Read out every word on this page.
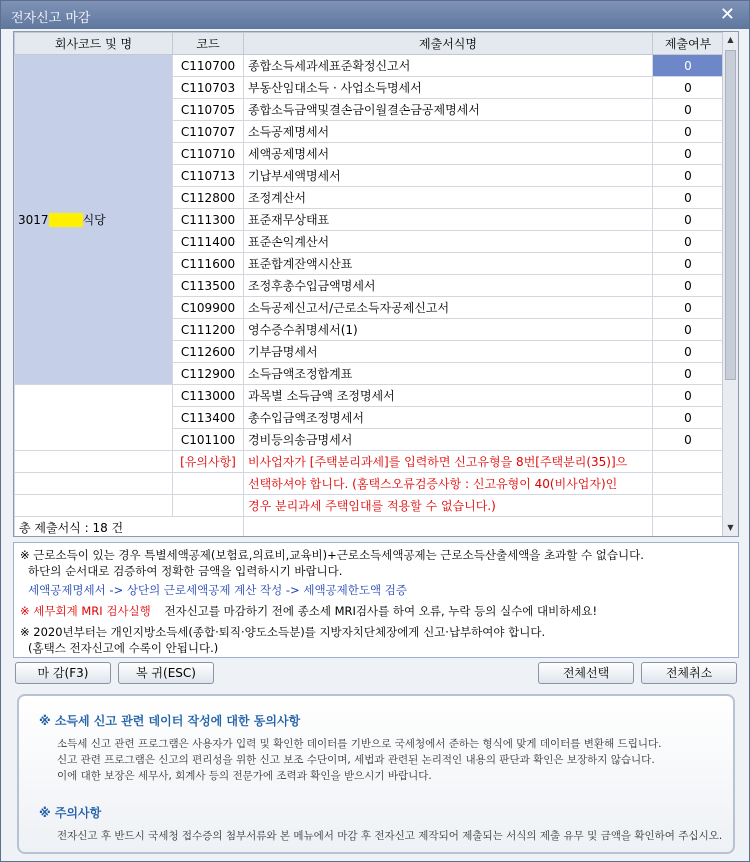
전자신고 마감	✕
회사코드 및 명	코드	제출서식명	제출여부
3017■■■식당	C110700	종합소득세과세표준확정신고서	0
	C110703	부동산임대소득 · 사업소득명세서	0
	C110705	종합소득금액및결손금이월결손금공제명세서	0
	C110707	소득공제명세서	0
	C110710	세액공제명세서	0
	C110713	기납부세액명세서	0
	C112800	조정계산서	0
	C111300	표준재무상태표	0
	C111400	표준손익계산서	0
	C111600	표준합계잔액시산표	0
	C113500	조정후총수입금액명세서	0
	C109900	소득공제신고서/근로소득자공제신고서	0
	C111200	영수증수취명세서(1)	0
	C112600	기부금명세서	0
	C112900	소득금액조정합계표	0
	C113000	과목별 소득금액 조정명세서	0
	C113400	총수입금액조정명세서	0
	C101100	경비등의송금명세서	0
	[유의사항]	비사업자가 [주택분리과세]를 입력하면 신고유형을 8번[주택분리(35)]으	
		선택하셔야 합니다. (홈택스오류검증사항 : 신고유형이 40(비사업자)인	
		경우 분리과세 주택임대를 적용할 수 없습니다.)	
총 제출서식 : 18 건			
▲
▼
※ 근로소득이 있는 경우 특별세액공제(보험료,의료비,교육비)+근로소득세액공제는 근로소득산출세액을 초과할 수 없습니다.
하단의 순서대로 검증하여 정확한 금액을 입력하시기 바랍니다.
세액공제명세서 -> 상단의 근로세액공제 계산 작성 -> 세액공제한도액 검증
※ 세무회계 MRI 검사실행 전자신고를 마감하기 전에 종소세 MRI검사를 하여 오류, 누락 등의 실수에 대비하세요!
※ 2020년부터는 개인지방소득세(종합·퇴직·양도소득분)를 지방자치단체장에게 신고·납부하여야 합니다.
(홈택스 전자신고에 수록이 안됩니다.)
마 감(F3)	복 귀(ESC)	전체선택	전체취소
※ 소득세 신고 관련 데이터 작성에 대한 동의사항
소득세 신고 관련 프로그램은 사용자가 입력 및 확인한 데이터를 기반으로 국세청에서 준하는 형식에 맞게 데이터를 변환해 드립니다.
신고 관련 프로그램은 신고의 편리성을 위한 신고 보조 수단이며, 세법과 관련된 논리적인 내용의 판단과 확인은 보장하지 않습니다.
이에 대한 보장은 세무사, 회계사 등의 전문가에 조력과 확인을 받으시기 바랍니다.
※ 주의사항
전자신고 후 반드시 국세청 접수증의 첨부서류와 본 메뉴에서 마감 후 전자신고 제작되어 제출되는 서식의 제출 유무 및 금액을 확인하여 주십시오.
